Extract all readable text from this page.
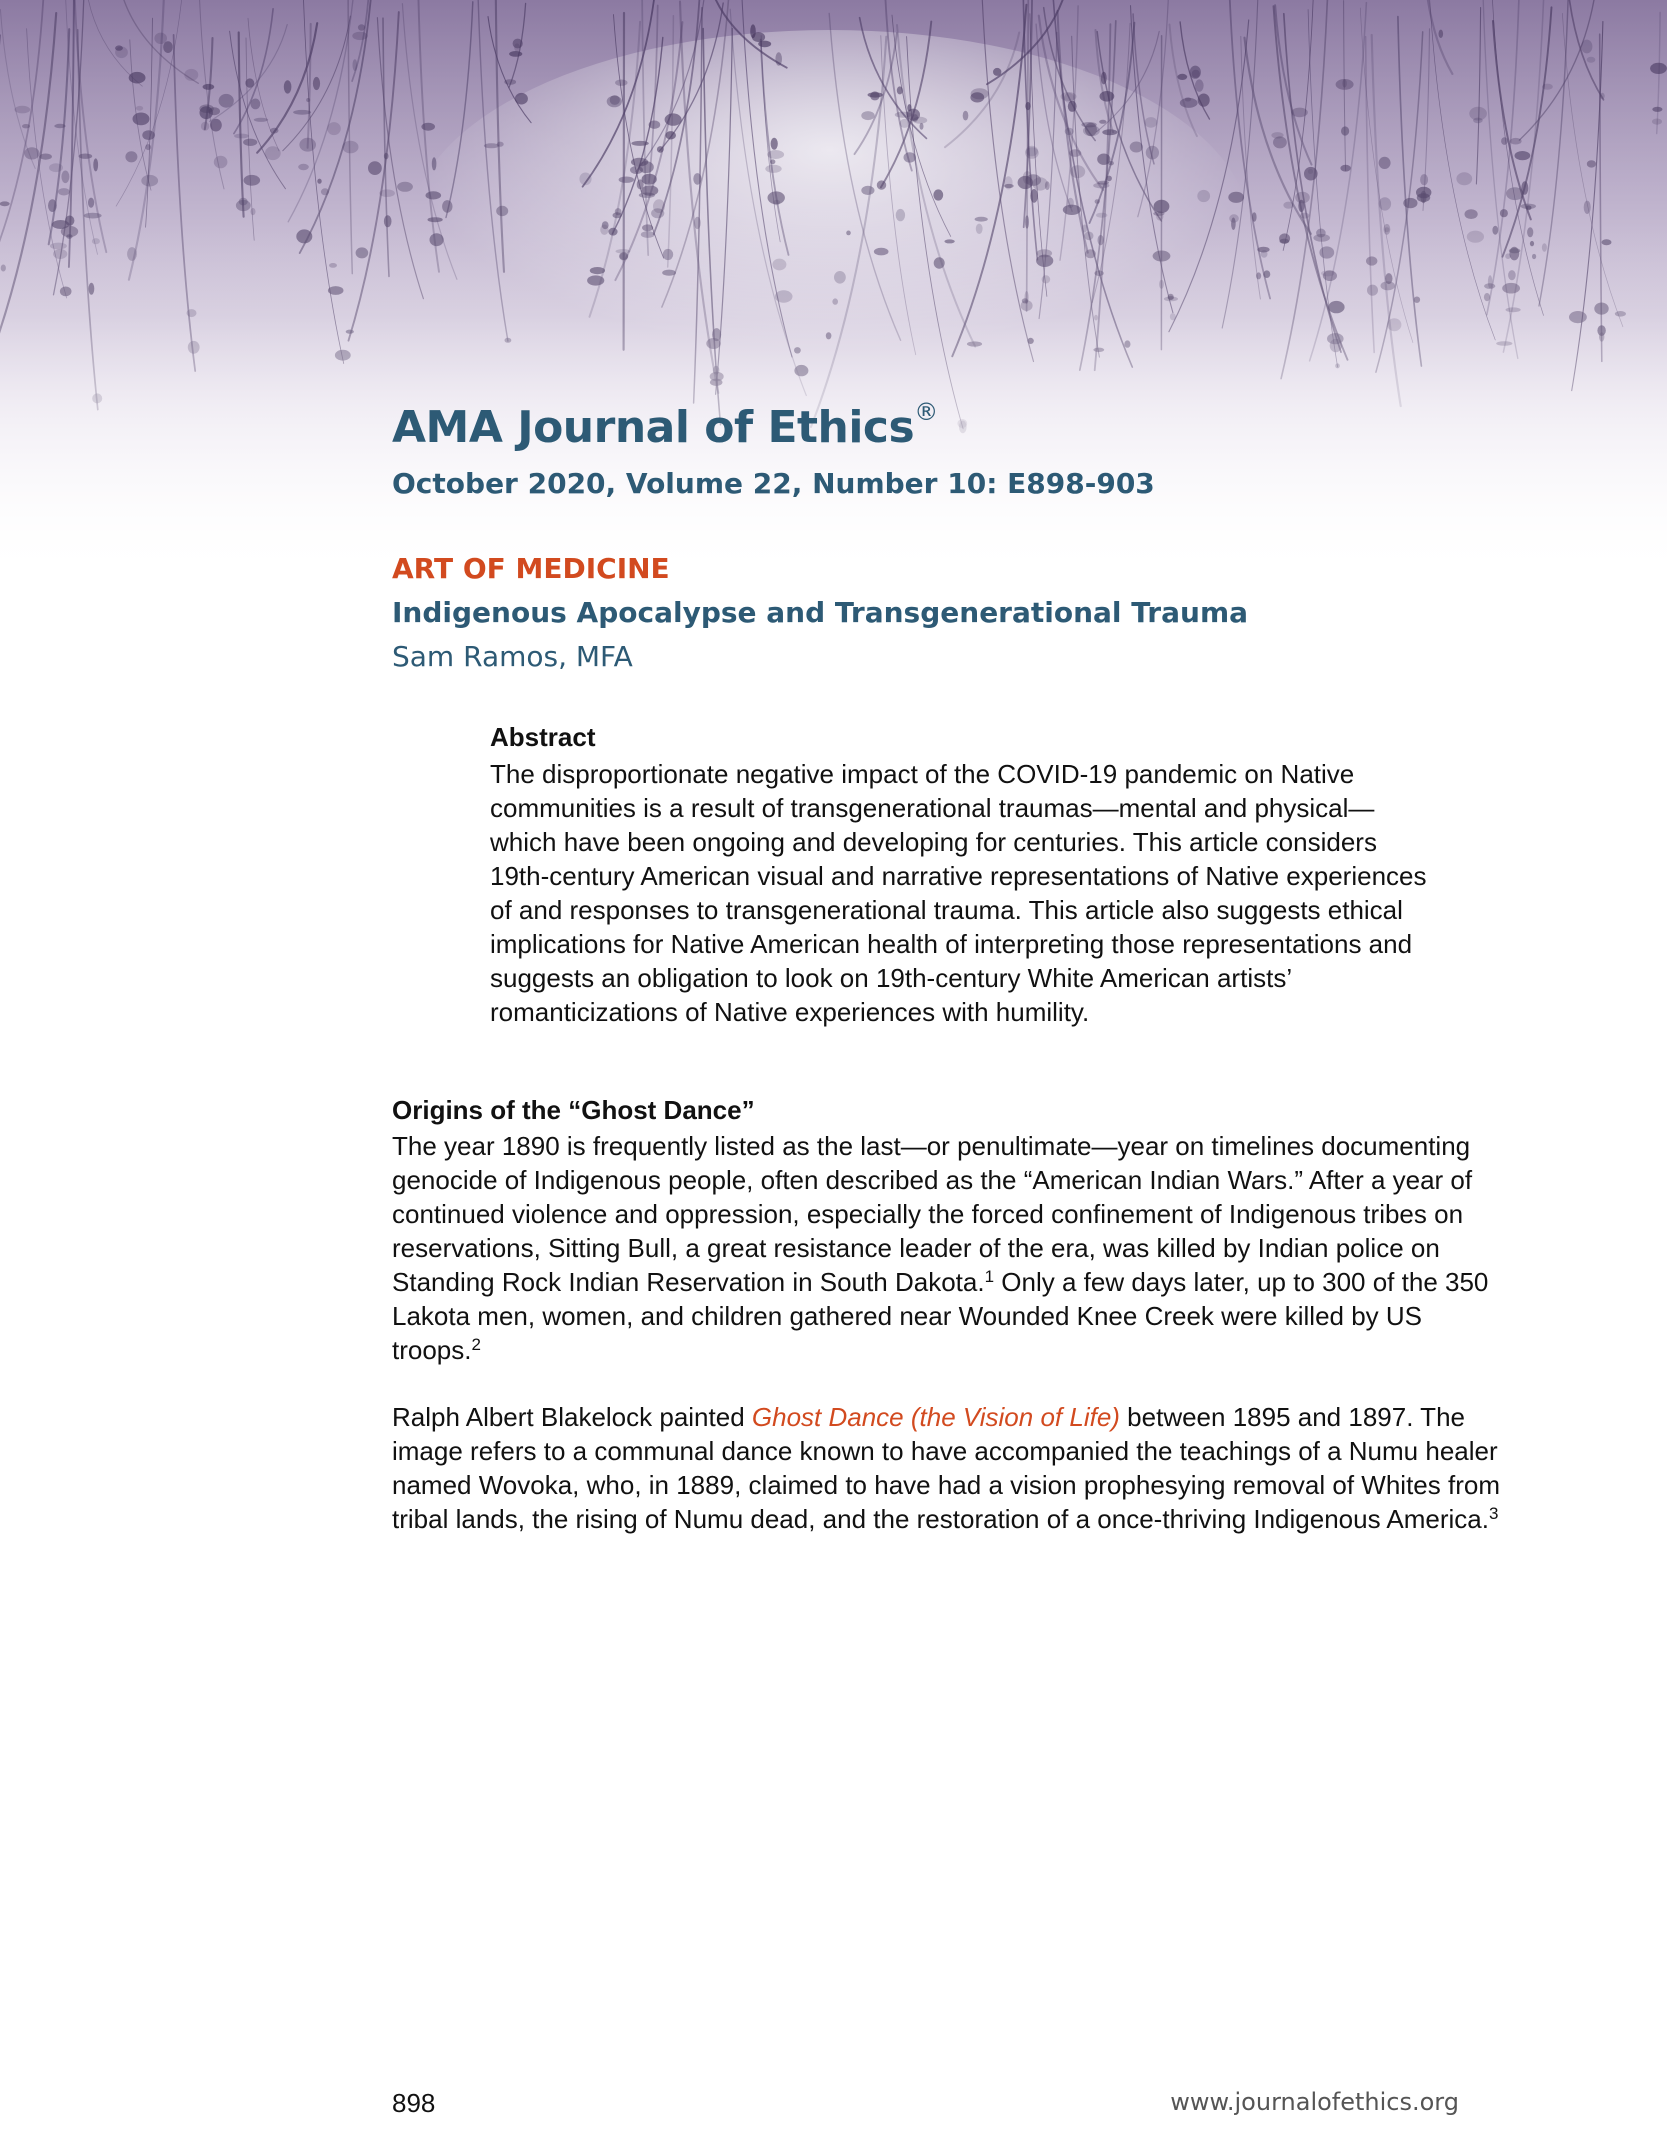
AMA Journal of Ethics®
October 2020, Volume 22, Number 10: E898-903
ART OF MEDICINE
Indigenous Apocalypse and Transgenerational Trauma
Sam Ramos, MFA
Abstract
The disproportionate negative impact of the COVID-19 pandemic on Native communities is a result of transgenerational traumas—mental and physical—which have been ongoing and developing for centuries. This article considers 19th-century American visual and narrative representations of Native experiences of and responses to transgenerational trauma. This article also suggests ethical implications for Native American health of interpreting those representations and suggests an obligation to look on 19th-century White American artists’ romanticizations of Native experiences with humility.
Origins of the “Ghost Dance”
The year 1890 is frequently listed as the last—or penultimate—year on timelines documenting genocide of Indigenous people, often described as the “American Indian Wars.” After a year of continued violence and oppression, especially the forced confinement of Indigenous tribes on reservations, Sitting Bull, a great resistance leader of the era, was killed by Indian police on Standing Rock Indian Reservation in South Dakota.$^1$ Only a few days later, up to 300 of the 350 Lakota men, women, and children gathered near Wounded Knee Creek were killed by US troops.$^2$
Ralph Albert Blakelock painted Ghost Dance (the Vision of Life) between 1895 and 1897. The image refers to a communal dance known to have accompanied the teachings of a Numu healer named Wovoka, who, in 1889, claimed to have had a vision prophesying removal of Whites from tribal lands, the rising of Numu dead, and the restoration of a once-thriving Indigenous America.$^3$
898	www.journalofethics.org
